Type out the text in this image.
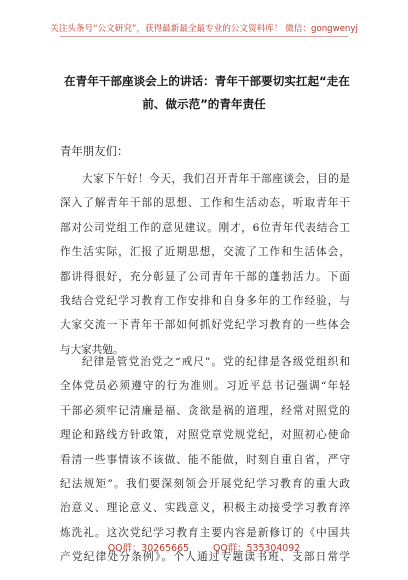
关注头条号“公文研究”，获得最新最全最专业的公文资料库！ 微信：gongwenyj
在青年干部座谈会上的讲话：青年干部要切实扛起“走在
前、做示范”的青年责任
青年朋友们：
大家下午好！今天，我们召开青年干部座谈会，目的是
深入了解青年干部的思想、工作和生活动态，听取青年干
部对公司党组工作的意见建议。刚才，6位青年代表结合工
作生活实际，汇报了近期思想，交流了工作和生活体会，
都讲得很好，充分彰显了公司青年干部的蓬勃活力。下面
我结合党纪学习教育工作安排和自身多年的工作经验，与
大家交流一下青年干部如何抓好党纪学习教育的一些体会
与大家共勉。
纪律是管党治党之“戒尺”。党的纪律是各级党组织和
全体党员必须遵守的行为准则。习近平总书记强调“年轻
干部必须牢记清廉是福、贪欲是祸的道理，经常对照党的
理论和路线方针政策，对照党章党规党纪，对照初心使命
看清一些事情该不该做、能不能做，时刻自重自省，严守
纪法规矩”。我们要深刻领会开展党纪学习教育的重大政
治意义、理论意义、实践意义，积极主动接受学习教育淬
炼洗礼。这次党纪学习教育主要内容是新修订的《中国共
产党纪律处分条例》。个人通过专题读书班、支部日常学
QQ群：30265665	QQ群：535304092
